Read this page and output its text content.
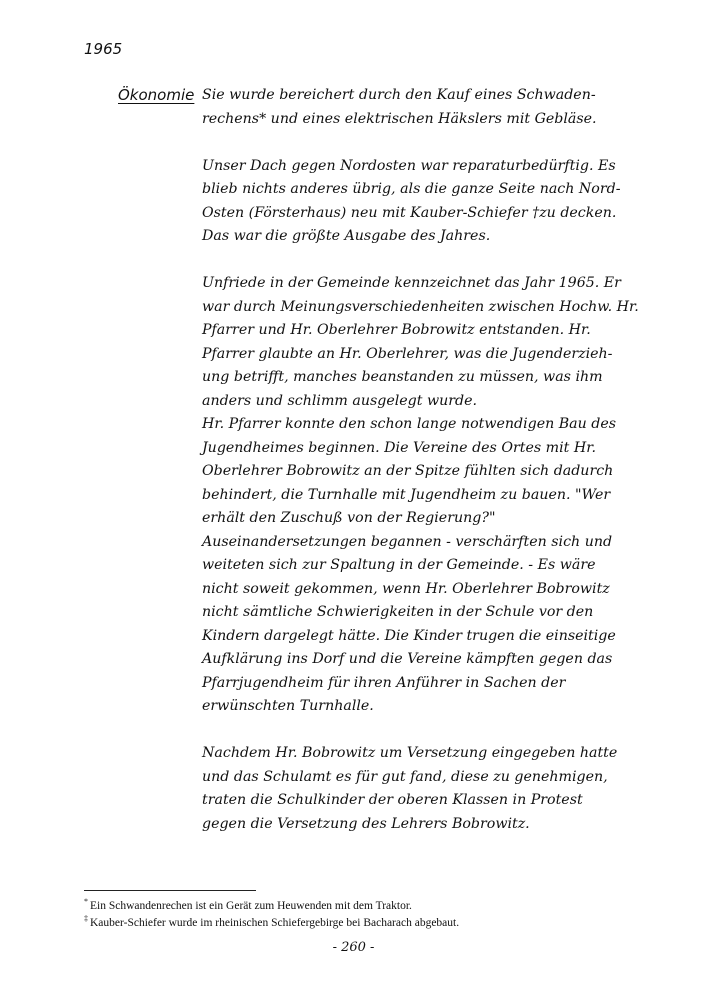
1965
Ökonomie Sie wurde bereichert durch den Kauf eines Schwaden-
rechens* und eines elektrischen Häkslers mit Gebläse.
Unser Dach gegen Nordosten war reparaturbedürftig. Es
blieb nichts anderes übrig, als die ganze Seite nach Nord-
Osten (Försterhaus) neu mit Kauber-Schiefer †zu decken.
Das war die größte Ausgabe des Jahres.
Unfriede in der Gemeinde kennzeichnet das Jahr 1965. Er
war durch Meinungsverschiedenheiten zwischen Hochw. Hr.
Pfarrer und Hr. Oberlehrer Bobrowitz entstanden. Hr.
Pfarrer glaubte an Hr. Oberlehrer, was die Jugenderzieh-
ung betrifft, manches beanstanden zu müssen, was ihm
anders und schlimm ausgelegt wurde.
Hr. Pfarrer konnte den schon lange notwendigen Bau des
Jugendheimes beginnen. Die Vereine des Ortes mit Hr.
Oberlehrer Bobrowitz an der Spitze fühlten sich dadurch
behindert, die Turnhalle mit Jugendheim zu bauen. "Wer
erhält den Zuschuß von der Regierung?"
Auseinandersetzungen begannen - verschärften sich und
weiteten sich zur Spaltung in der Gemeinde. - Es wäre
nicht soweit gekommen, wenn Hr. Oberlehrer Bobrowitz
nicht sämtliche Schwierigkeiten in der Schule vor den
Kindern dargelegt hätte. Die Kinder trugen die einseitige
Aufklärung ins Dorf und die Vereine kämpften gegen das
Pfarrjugendheim für ihren Anführer in Sachen der
erwünschten Turnhalle.
Nachdem Hr. Bobrowitz um Versetzung eingegeben hatte
und das Schulamt es für gut fand, diese zu genehmigen,
traten die Schulkinder der oberen Klassen in Protest
gegen die Versetzung des Lehrers Bobrowitz.
* Ein Schwandenrechen ist ein Gerät zum Heuwenden mit dem Traktor.
‡ Kauber-Schiefer wurde im rheinischen Schiefergebirge bei Bacharach abgebaut.
- 260 -
